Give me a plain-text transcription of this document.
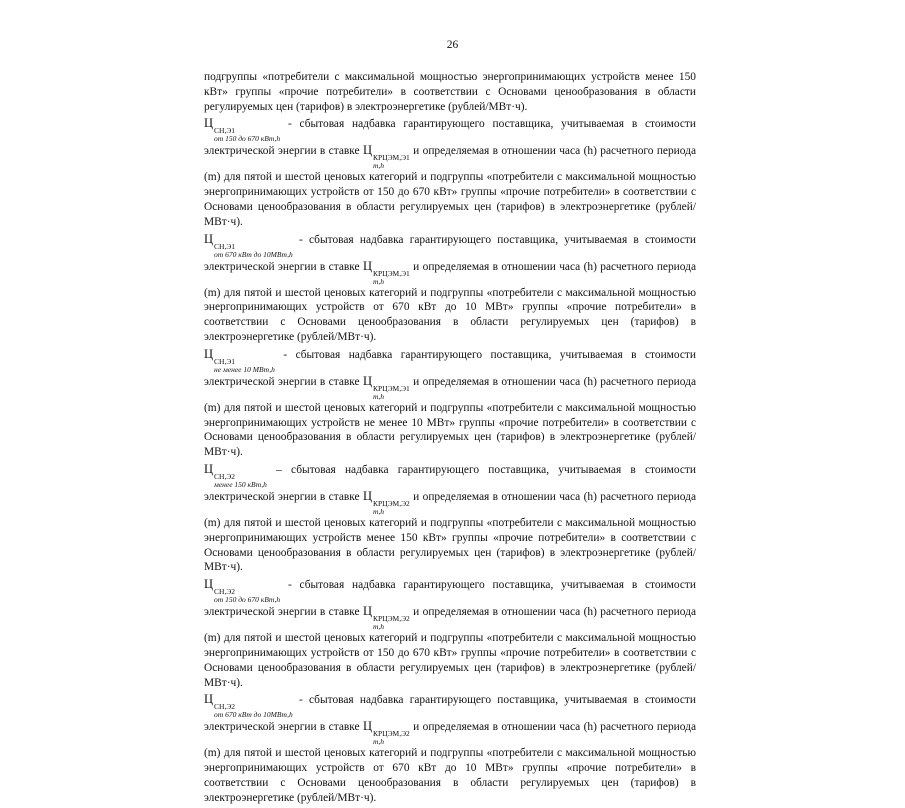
26

подгруппы «потребители с максимальной мощностью энергопринимающих устройств менее 150 кВт» группы «прочие потребители» в соответствии с Основами ценообразования в области регулируемых цен (тарифов) в электроэнергетике (рублей/МВт·ч).

Ц
СН,Э1
от 150 до 670 кВт,h
- сбытовая надбавка гарантирующего поставщика, учитываемая в стоимости электрической энергии в ставке Ц
КРЦЭМ,Э1
m,h
и определяемая в отношении часа (h) расчетного периода (m) для пятой и шестой ценовых категорий и подгруппы «потребители с максимальной мощностью энергопринимающих устройств от 150 до 670 кВт» группы «прочие потребители» в соответствии с Основами ценообразования в области регулируемых цен (тарифов) в электроэнергетике (рублей/МВт·ч).

Ц
СН,Э1
от 670 кВт до 10МВт,h
- сбытовая надбавка гарантирующего поставщика, учитываемая в стоимости электрической энергии в ставке Ц
КРЦЭМ,Э1
m,h
и определяемая в отношении часа (h) расчетного периода (m) для пятой и шестой ценовых категорий и подгруппы «потребители с максимальной мощностью энергопринимающих устройств от 670 кВт до 10 МВт» группы «прочие потребители» в соответствии с Основами ценообразования в области регулируемых цен (тарифов) в электроэнергетике (рублей/МВт·ч).

Ц
СН,Э1
не менее 10 МВт,h
- сбытовая надбавка гарантирующего поставщика, учитываемая в стоимости электрической энергии в ставке Ц
КРЦЭМ,Э1
m,h
и определяемая в отношении часа (h) расчетного периода (m) для пятой и шестой ценовых категорий и подгруппы «потребители с максимальной мощностью энергопринимающих устройств не менее 10 МВт» группы «прочие потребители» в соответствии с Основами ценообразования в области регулируемых цен (тарифов) в электроэнергетике (рублей/МВт·ч).

Ц
СН,Э2
менее 150 кВт,h
– сбытовая надбавка гарантирующего поставщика, учитываемая в стоимости электрической энергии в ставке Ц
КРЦЭМ,Э2
m,h
и определяемая в отношении часа (h) расчетного периода (m) для пятой и шестой ценовых категорий и подгруппы «потребители с максимальной мощностью энергопринимающих устройств менее 150 кВт» группы «прочие потребители» в соответствии с Основами ценообразования в области регулируемых цен (тарифов) в электроэнергетике (рублей/МВт·ч).

Ц
СН,Э2
от 150 до 670 кВт,h
- сбытовая надбавка гарантирующего поставщика, учитываемая в стоимости электрической энергии в ставке Ц
КРЦЭМ,Э2
m,h
и определяемая в отношении часа (h) расчетного периода (m) для пятой и шестой ценовых категорий и подгруппы «потребители с максимальной мощностью энергопринимающих устройств от 150 до 670 кВт» группы «прочие потребители» в соответствии с Основами ценообразования в области регулируемых цен (тарифов) в электроэнергетике (рублей/МВт·ч).

Ц
СН,Э2
от 670 кВт до 10МВт,h
- сбытовая надбавка гарантирующего поставщика, учитываемая в стоимости электрической энергии в ставке Ц
КРЦЭМ,Э2
m,h
и определяемая в отношении часа (h) расчетного периода (m) для пятой и шестой ценовых категорий и подгруппы «потребители с максимальной мощностью энергопринимающих устройств от 670 кВт до 10 МВт» группы «прочие потребители» в соответствии с Основами ценообразования в области регулируемых цен (тарифов) в электроэнергетике (рублей/МВт·ч).
